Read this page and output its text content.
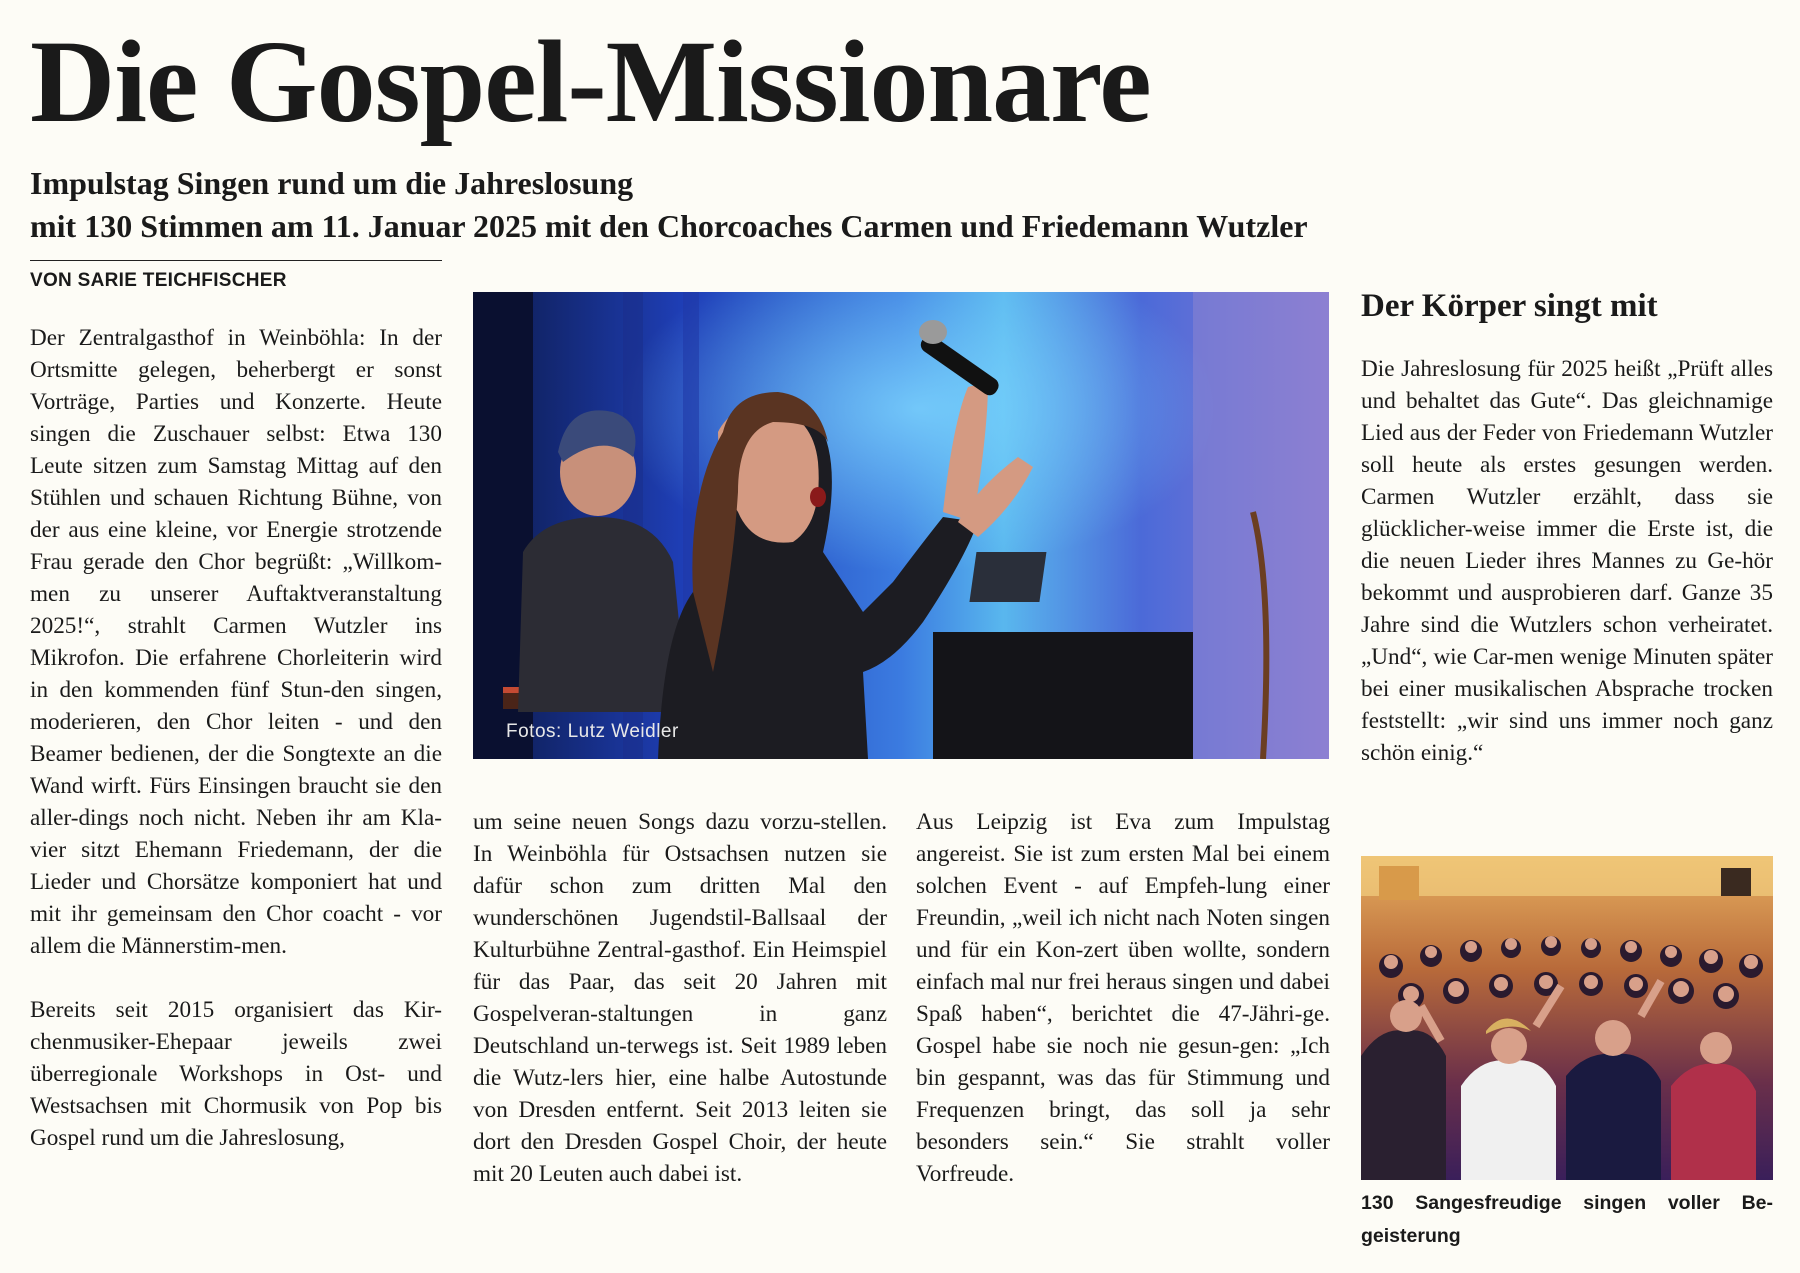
Die Gospel-Missionare
Impulstag Singen rund um die Jahreslosung
mit 130 Stimmen am 11. Januar 2025 mit den Chorcoaches Carmen und Friedemann Wutzler
VON SARIE TEICHFISCHER

Der Zentralgasthof in Weinböhla: In der Ortsmitte gelegen, beherbergt er sonst Vorträge, Parties und Konzerte. Heute singen die Zuschauer selbst: Etwa 130 Leute sitzen zum Samstag Mittag auf den Stühlen und schauen Richtung Bühne, von der aus eine kleine, vor Energie strotzende Frau gerade den Chor begrüßt: „Willkom-men zu unserer Auftaktveranstaltung 2025!“, strahlt Carmen Wutzler ins Mikrofon. Die erfahrene Chorleiterin wird in den kommenden fünf Stun-den singen, moderieren, den Chor leiten - und den Beamer bedienen, der die Songtexte an die Wand wirft. Fürs Einsingen braucht sie den aller-dings noch nicht. Neben ihr am Kla-vier sitzt Ehemann Friedemann, der die Lieder und Chorsätze komponiert hat und mit ihr gemeinsam den Chor coacht - vor allem die Männerstim-men.

Bereits seit 2015 organisiert das Kir-chenmusiker-Ehepaar jeweils zwei überregionale Workshops in Ost- und Westsachsen mit Chormusik von Pop bis Gospel rund um die Jahreslosung,

Fotos: Lutz Weidler

um seine neuen Songs dazu vorzu-stellen. In Weinböhla für Ostsachsen nutzen sie dafür schon zum dritten Mal den wunderschönen Jugendstil-Ballsaal der Kulturbühne Zentral-gasthof. Ein Heimspiel für das Paar, das seit 20 Jahren mit Gospelveran-staltungen in ganz Deutschland un-terwegs ist. Seit 1989 leben die Wutz-lers hier, eine halbe Autostunde von Dresden entfernt. Seit 2013 leiten sie dort den Dresden Gospel Choir, der heute mit 20 Leuten auch dabei ist.

Aus Leipzig ist Eva zum Impulstag angereist. Sie ist zum ersten Mal bei einem solchen Event - auf Empfeh-lung einer Freundin, „weil ich nicht nach Noten singen und für ein Kon-zert üben wollte, sondern einfach mal nur frei heraus singen und dabei Spaß haben“, berichtet die 47-Jähri-ge. Gospel habe sie noch nie gesun-gen: „Ich bin gespannt, was das für Stimmung und Frequenzen bringt, das soll ja sehr besonders sein.“ Sie strahlt voller Vorfreude.

Der Körper singt mit

Die Jahreslosung für 2025 heißt „Prüft alles und behaltet das Gute“. Das gleichnamige Lied aus der Feder von Friedemann Wutzler soll heute als erstes gesungen werden. Carmen Wutzler erzählt, dass sie glücklicher-weise immer die Erste ist, die die neuen Lieder ihres Mannes zu Ge-hör bekommt und ausprobieren darf. Ganze 35 Jahre sind die Wutzlers schon verheiratet. „Und“, wie Car-men wenige Minuten später bei einer musikalischen Absprache trocken feststellt: „wir sind uns immer noch ganz schön einig.“

130 Sangesfreudige singen voller Be-geisterung
